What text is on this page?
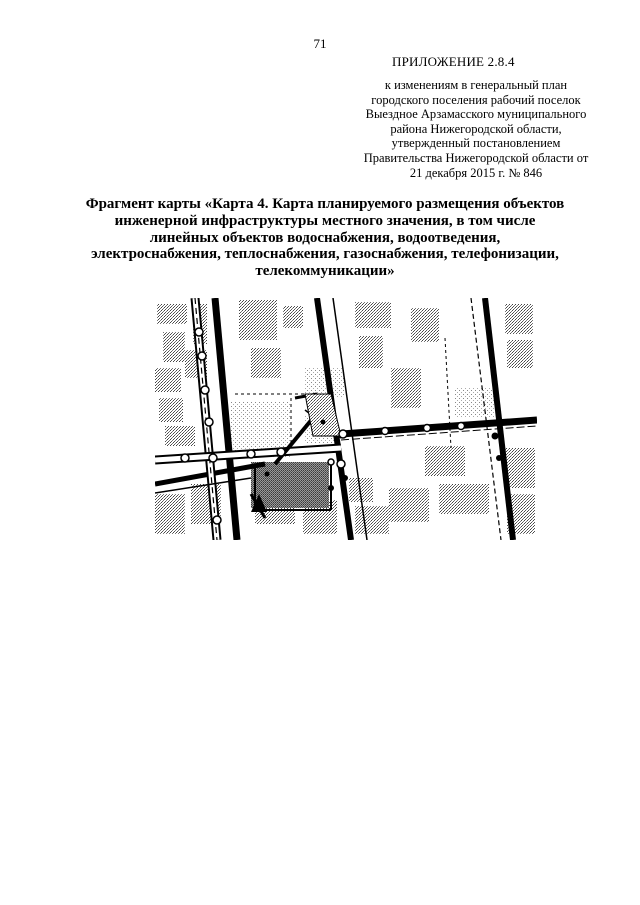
71
ПРИЛОЖЕНИЕ 2.8.4
к изменениям в генеральный план
городского поселения рабочий поселок
Выездное Арзамасского муниципального
района Нижегородской области,
утвержденный постановлением
Правительства Нижегородской области от
21 декабря 2015 г. № 846
Фрагмент карты «Карта 4. Карта планируемого размещения объектов
инженерной инфраструктуры местного значения, в том числе
линейных объектов водоснабжения, водоотведения,
электроснабжения, теплоснабжения, газоснабжения, телефонизации,
телекоммуникации»
